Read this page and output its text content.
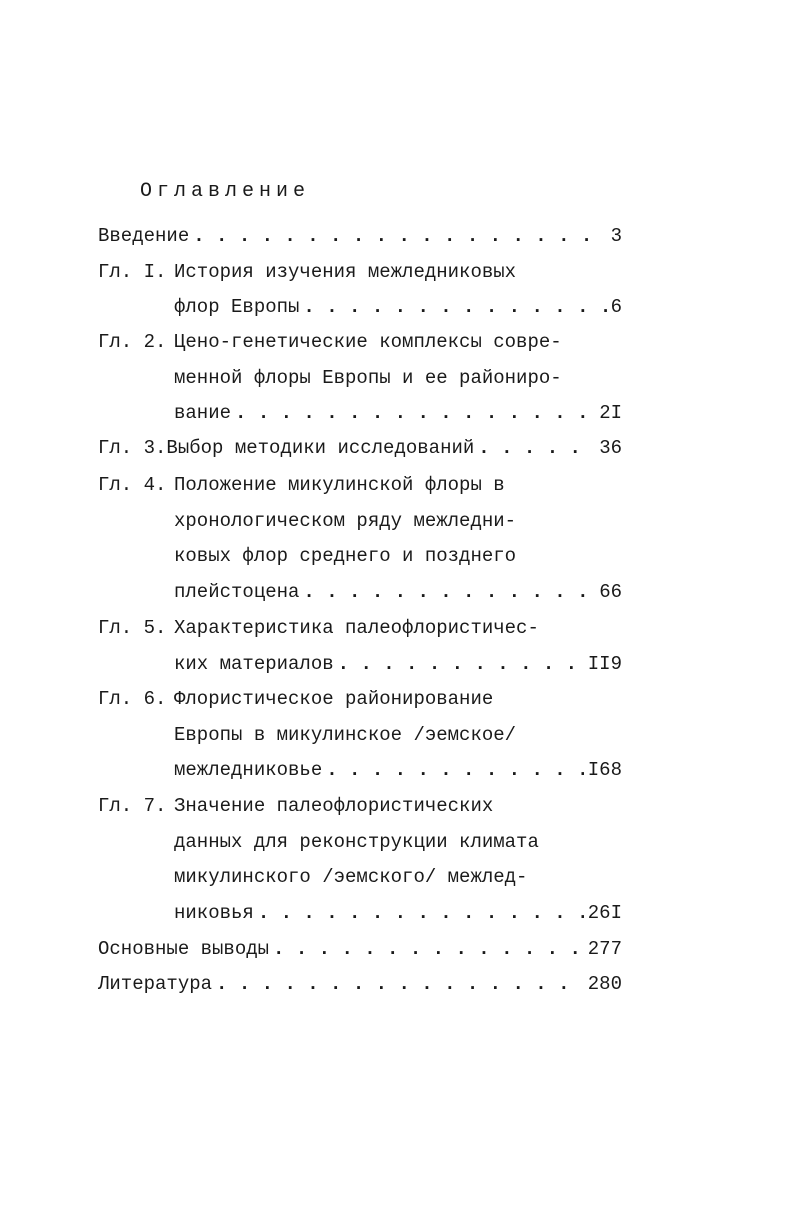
Оглавление
Введение . . .	3
Гл. I. История изучения межледниковых
флор Европы . . .	6
Гл. 2. Цено-генетические комплексы совре-
менной флоры Европы и ее райониро-
вание . . .	2I
Гл. 3. Выбор методики исследований . . .	36
Гл. 4. Положение микулинской флоры в
хронологическом ряду межледни-
ковых флор среднего и позднего
плейстоцена . . .	66
Гл. 5. Характеристика палеофлористичес-
ких материалов . . .	II9
Гл. 6. Флористическое районирование
Европы в микулинское /эемское/
межледниковье . . .	I68
Гл. 7. Значение палеофлористических
данных для реконструкции климата
микулинского /эемского/ межлед-
никовья . . .	26I
Основные выводы . . .	277
Литература . . .	280
